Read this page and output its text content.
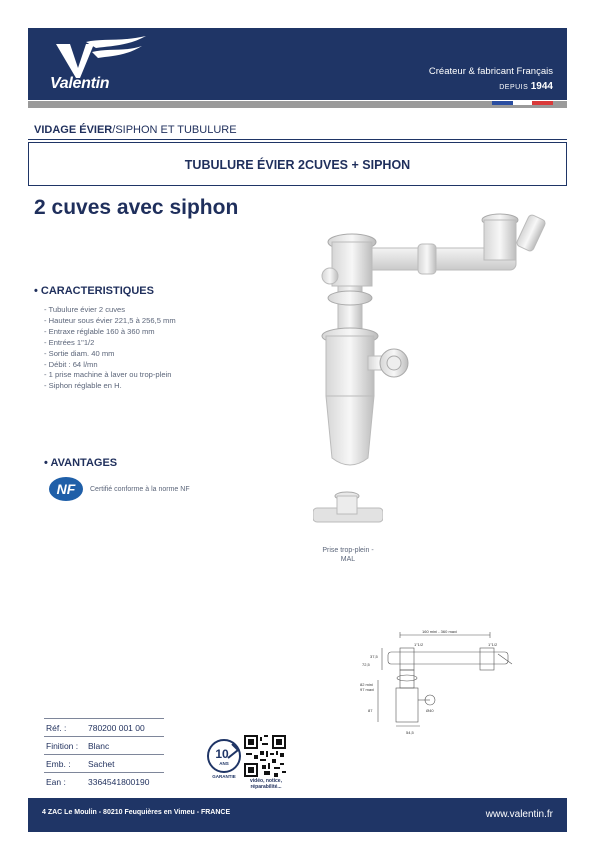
Valentin
Créateur & fabricant Français
DEPUIS 1944
VIDAGE ÉVIER/SIPHON ET TUBULURE
TUBULURE ÉVIER 2CUVES + SIPHON
2 cuves avec siphon
• CARACTERISTIQUES
- Tubulure évier 2 cuves
- Hauteur sous évier 221,5 à 256,5 mm
- Entraxe réglable 160 à 360 mm
- Entrées 1"1/2
- Sortie diam. 40 mm
- Débit : 64 l/mn
- 1 prise machine à laver ou trop-plein
- Siphon réglable en H.
• AVANTAGES
NF Certifié conforme à la norme NF
Prise trop-plein -
MAL
160 mini - 360 maxi
1"1/2	1"1/2
37,5
72,5
82 mini
97 maxi
87	Ø40
54,5
Réf. :	780200 001 00
Finition :	Blanc
Emb. :	Sachet
Ean :	3364541800190
10
ANS
GARANTIE
vidéo, notice, réparabilité...
4 ZAC Le Moulin - 80210 Feuquières en Vimeu - FRANCE	www.valentin.fr
